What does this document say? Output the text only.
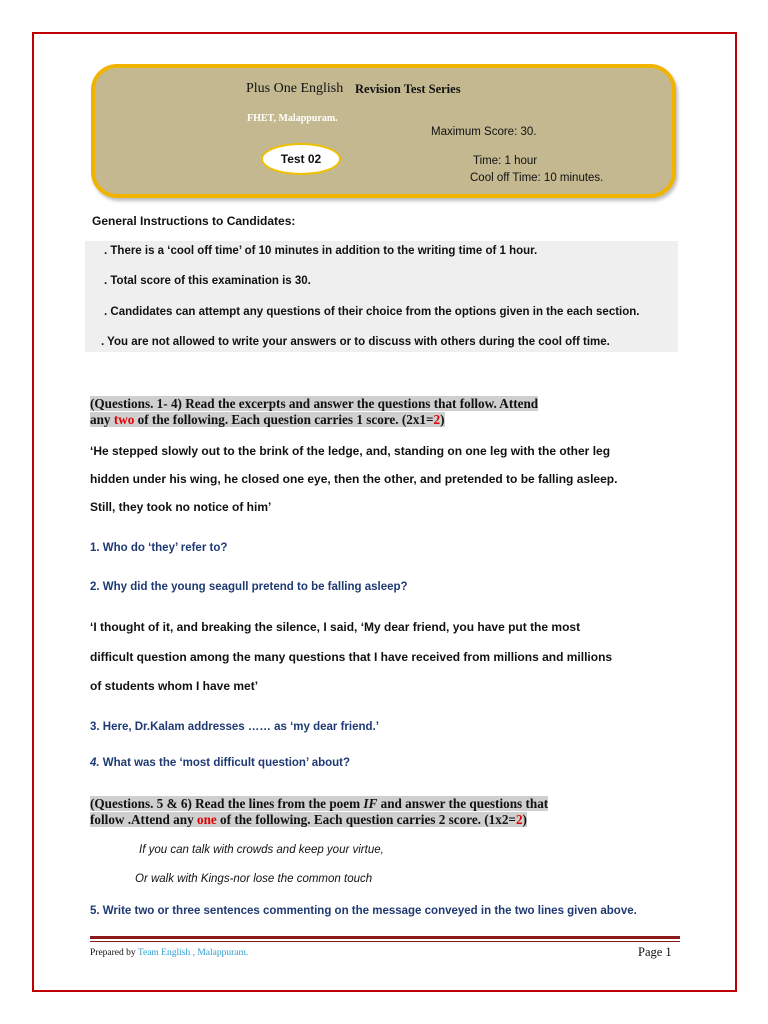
Plus One English Revision Test Series
FHET, Malappuram.
Maximum Score: 30.
Test 02	Time: 1 hour
Cool off Time: 10 minutes.
General Instructions to Candidates:
. There is a ‘cool off time’ of 10 minutes in addition to the writing time of 1 hour.
. Total score of this examination is 30.
. Candidates can attempt any questions of their choice from the options given in the each section.
. You are not allowed to write your answers or to discuss with others during the cool off time.
(Questions. 1- 4) Read the excerpts and answer the questions that follow. Attend
any two of the following. Each question carries 1 score. (2x1=2)
‘He stepped slowly out to the brink of the ledge, and, standing on one leg with the other leg
hidden under his wing, he closed one eye, then the other, and pretended to be falling asleep.
Still, they took no notice of him’
1. Who do ‘they’ refer to?
2. Why did the young seagull pretend to be falling asleep?
‘I thought of it, and breaking the silence, I said, ‘My dear friend, you have put the most
difficult question among the many questions that I have received from millions and millions
of students whom I have met’
3. Here, Dr.Kalam addresses …… as ‘my dear friend.’
4. What was the ‘most difficult question’ about?
(Questions. 5 & 6) Read the lines from the poem IF and answer the questions that
follow .Attend any one of the following. Each question carries 2 score. (1x2=2)
If you can talk with crowds and keep your virtue,
Or walk with Kings-nor lose the common touch
5. Write two or three sentences commenting on the message conveyed in the two lines given above.
Prepared by Team English , Malappuram.	Page 1
